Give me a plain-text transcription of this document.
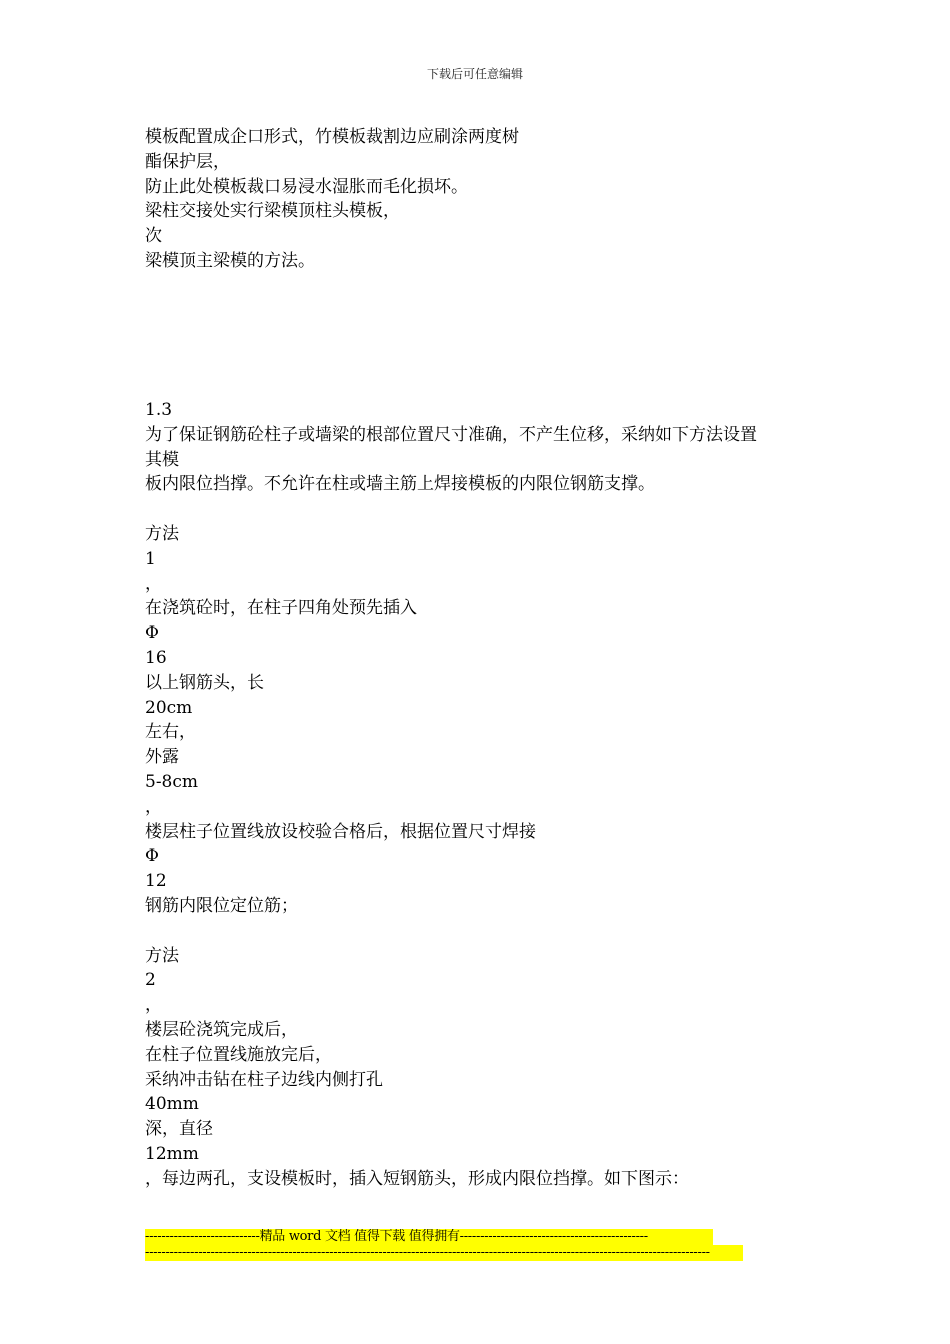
下载后可任意编辑
模板配置成企口形式，竹模板裁割边应刷涂两度树
酯保护层，
防止此处模板裁口易浸水湿胀而毛化损坏。
梁柱交接处实行梁模顶柱头模板，
次
梁模顶主梁模的方法。
1.3
为了保证钢筋砼柱子或墙梁的根部位置尺寸准确，不产生位移，采纳如下方法设置
其模
板内限位挡撑。不允许在柱或墙主筋上焊接模板的内限位钢筋支撑。
方法
1
，
在浇筑砼时，在柱子四角处预先插入
Φ
16
以上钢筋头，长
20cm
左右，
外露
5-8cm
，
楼层柱子位置线放设校验合格后，根据位置尺寸焊接
Φ
12
钢筋内限位定位筋；
方法
2
，
楼层砼浇筑完成后，
在柱子位置线施放完后，
采纳冲击钻在柱子边线内侧打孔
40mm
深，直径
12mm
，每边两孔，支设模板时，插入短钢筋头，形成内限位挡撑。如下图示：
----------------------------精品 word 文档 值得下载 值得拥有----------------------------------------------
------------------------------------------------------------------------------------------------------------------------------------------
